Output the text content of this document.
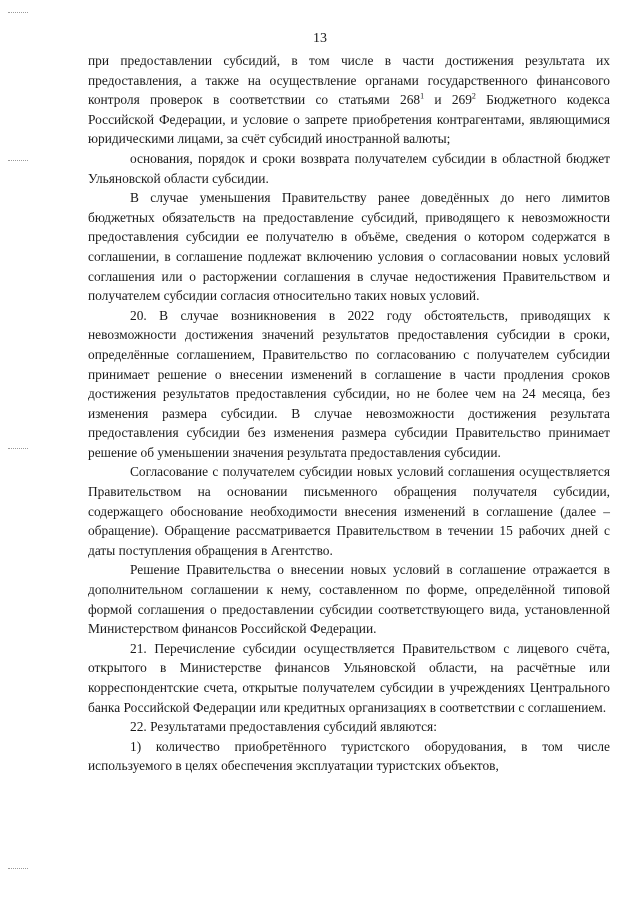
13

при предоставлении субсидий, в том числе в части достижения результата их предоставления, а также на осуществление органами государственного финансового контроля проверок в соответствии со статьями $268^1$ и $269^2$ Бюджетного кодекса Российской Федерации, и условие о запрете приобретения контрагентами, являющимися юридическими лицами, за счёт субсидий иностранной валюты;

основания, порядок и сроки возврата получателем субсидии в областной бюджет Ульяновской области субсидии.

В случае уменьшения Правительству ранее доведённых до него лимитов бюджетных обязательств на предоставление субсидий, приводящего к невозможности предоставления субсидии ее получателю в объёме, сведения о котором содержатся в соглашении, в соглашение подлежат включению условия о согласовании новых условий соглашения или о расторжении соглашения в случае недостижения Правительством и получателем субсидии согласия относительно таких новых условий.

20. В случае возникновения в 2022 году обстоятельств, приводящих к невозможности достижения значений результатов предоставления субсидии в сроки, определённые соглашением, Правительство по согласованию с получателем субсидии принимает решение о внесении изменений в соглашение в части продления сроков достижения результатов предоставления субсидии, но не более чем на 24 месяца, без изменения размера субсидии. В случае невозможности достижения результата предоставления субсидии без изменения размера субсидии Правительство принимает решение об уменьшении значения результата предоставления субсидии.

Согласование с получателем субсидии новых условий соглашения осуществляется Правительством на основании письменного обращения получателя субсидии, содержащего обоснование необходимости внесения изменений в соглашение (далее – обращение). Обращение рассматривается Правительством в течении 15 рабочих дней с даты поступления обращения в Агентство.

Решение Правительства о внесении новых условий в соглашение отражается в дополнительном соглашении к нему, составленном по форме, определённой типовой формой соглашения о предоставлении субсидии соответствующего вида, установленной Министерством финансов Российской Федерации.

21. Перечисление субсидии осуществляется Правительством с лицевого счёта, открытого в Министерстве финансов Ульяновской области, на расчётные или корреспондентские счета, открытые получателем субсидии в учреждениях Центрального банка Российской Федерации или кредитных организациях в соответствии с соглашением.

22. Результатами предоставления субсидий являются:

1) количество приобретённого туристского оборудования, в том числе используемого в целях обеспечения эксплуатации туристских объектов,
